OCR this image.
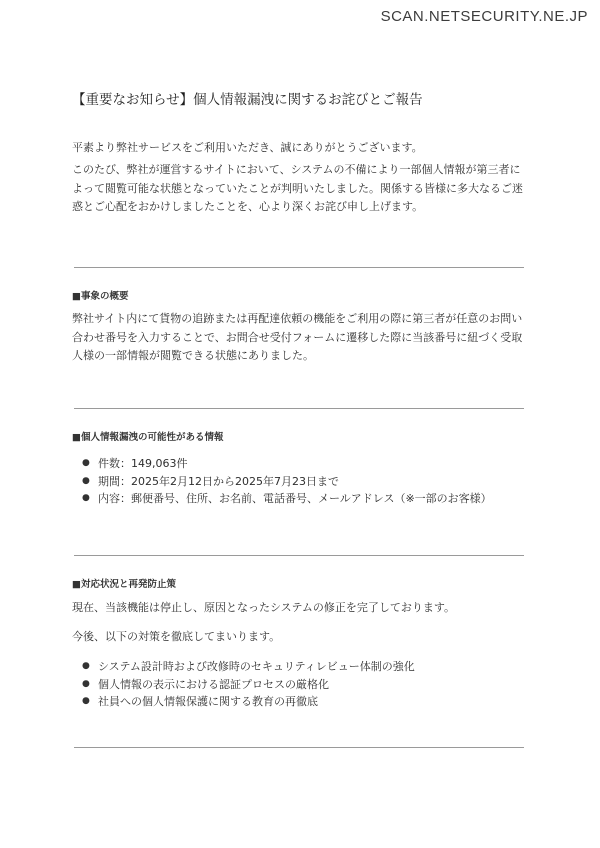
SCAN.NETSECURITY.NE.JP
【重要なお知らせ】個人情報漏洩に関するお詫びとご報告

平素より弊社サービスをご利用いただき、誠にありがとうございます。

このたび、弊社が運営するサイトにおいて、システムの不備により一部個人情報が第三者によって閲覧可能な状態となっていたことが判明いたしました。関係する皆様に多大なるご迷惑とご心配をおかけしましたことを、心より深くお詫び申し上げます。

■事象の概要

弊社サイト内にて貨物の追跡または再配達依頼の機能をご利用の際に第三者が任意のお問い合わせ番号を入力することで、お問合せ受付フォームに遷移した際に当該番号に紐づく受取人様の一部情報が閲覧できる状態にありました。

■個人情報漏洩の可能性がある情報
● 件数：149,063件
● 期間：2025年2月12日から2025年7月23日まで
● 内容：郵便番号、住所、お名前、電話番号、メールアドレス（※一部のお客様）
■対応状況と再発防止策

現在、当該機能は停止し、原因となったシステムの修正を完了しております。

今後、以下の対策を徹底してまいります。

● システム設計時および改修時のセキュリティレビュー体制の強化
● 個人情報の表示における認証プロセスの厳格化
● 社員への個人情報保護に関する教育の再徹底
